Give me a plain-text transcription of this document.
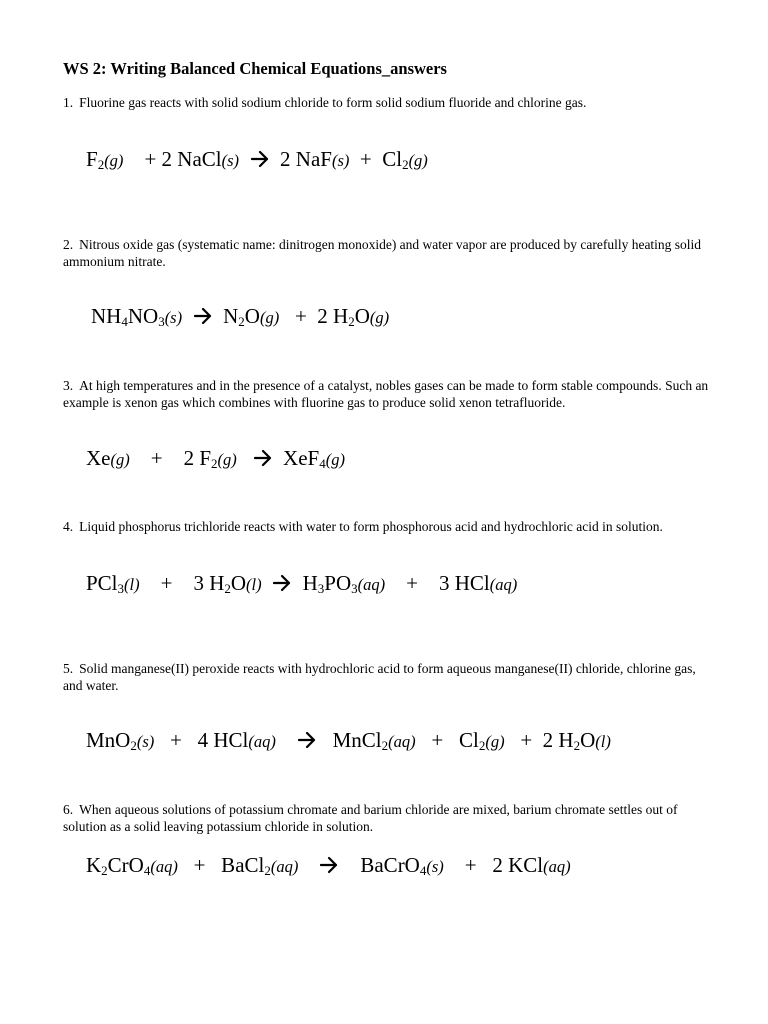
WS 2: Writing Balanced Chemical Equations_answers

1. Fluorine gas reacts with solid sodium chloride to form solid sodium fluoride and chlorine gas.

$F_2(g)$    + 2 NaCl(s) → 2 $NaF(s) + Cl_2(g)$

2. Nitrous oxide gas (systematic name: dinitrogen monoxide) and water vapor are produced by carefully heating solid ammonium nitrate.

$NH_4NO_3(s) \to N_2O(g) + 2$ $H_2O(g)$

3. At high temperatures and in the presence of a catalyst, nobles gases can be made to form stable compounds. Such an example is xenon gas which combines with fluorine gas to produce solid xenon tetrafluoride.

Xe(g)    +    2 $F_2(g) \to XeF_4(g)$

4. Liquid phosphorus trichloride reacts with water to form phosphorous acid and hydrochloric acid in solution.

PCl$_3$(l)    +    3 $H_2O(l) \to H_3PO_3(aq)$    +    3 HCl(aq)

5. Solid manganese(II) peroxide reacts with hydrochloric acid to form aqueous manganese(II) chloride, chlorine gas, and water.

MnO$_2$(s)   +   4 HCl(aq) → MnCl$_2$(aq)   +   $Cl_2(g) + 2$ $H_2O(l)$

6. When aqueous solutions of potassium chromate and barium chloride are mixed, barium chromate settles out of solution as a solid leaving potassium chloride in solution.

$K_2CrO_4(aq)$   +   BaCl$_2$(aq) → BaCrO$_4$(s)    +   2 KCl(aq)
